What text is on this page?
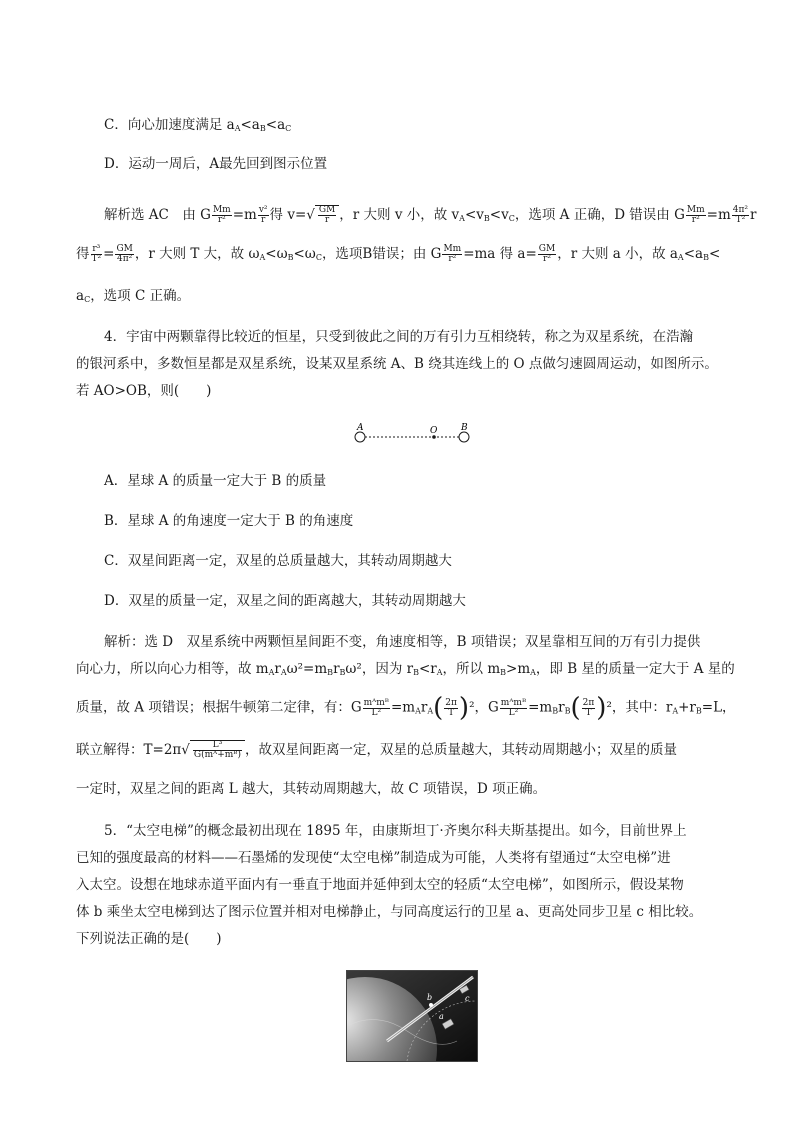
C．向心加速度满足 $a_A<a_B<a_C$
D．运动一周后，A最先回到图示位置
解析选 AC　由 G $\frac{Mm}{\text{r²}} =m \frac{\text{v²}}{r}$ 得 $v=√ \frac{GM}{r}$ ，r 大则 v 小，故 $v_A<v_B<v_C$，选项 A 正确，D 错误由 G $\frac{Mm}{\text{r²}} =m \frac{\text{4π²}}{\text{T²}}$ r
得 $\frac{\text{r³}}{\text{T²}} = \frac{GM}{\text{4π²}}$ ，r 大则 T 大，故 $\omega_A<\omega_B<\omega_C$，选项B错误；由 G $\frac{Mm}{\text{r²}} =ma$ 得 $a= \frac{GM}{\text{r²}}$ ，r 大则 a 小，故 $a_A<a_B<$
$a_C$，选项 C 正确。
4．宇宙中两颗靠得比较近的恒星，只受到彼此之间的万有引力互相绕转，称之为双星系统，在浩瀚
的银河系中，多数恒星都是双星系统，设某双星系统 A、B 绕其连线上的 O 点做匀速圆周运动，如图所示。
若 AO>OB，则(　　)
A	O	B
A．星球 A 的质量一定大于 B 的质量
B．星球 A 的角速度一定大于 B 的角速度
C．双星间距离一定，双星的总质量越大，其转动周期越大
D．双星的质量一定，双星之间的距离越大，其转动周期越大
解析：选 D　双星系统中两颗恒星间距不变，角速度相等，B 项错误；双星靠相互间的万有引力提供
向心力，所以向心力相等，故 $m_Ar_A\omega^2=m_Br_B\omega^2$，因为 $r_B<r_A$，所以 $m_B>m_A$，即 B 星的质量一定大于 A 星的
质量，故 A 项错误；根据牛顿第二定律，有：G $\frac{\text{mᴬmᴮ}}{\text{L²}} =m_Ar_A( \frac{2\pi}{T} )^2$，G $\frac{\text{mᴬmᴮ}}{\text{L²}} =m_Br_B( \frac{2\pi}{T} )^2$，其中：$r_A+r_B=L$，
联立解得：$T=2\pi√ \frac{\text{L³}}{\text{G(mᴬ+mᴮ)}}$ ，故双星间距离一定，双星的总质量越大，其转动周期越小；双星的质量
一定时，双星之间的距离 L 越大，其转动周期越大，故 C 项错误，D 项正确。
5．“太空电梯”的概念最初出现在 1895 年，由康斯坦丁·齐奥尔科夫斯基提出。如今，目前世界上
已知的强度最高的材料——石墨烯的发现使“太空电梯”制造成为可能，人类将有望通过“太空电梯”进
入太空。设想在地球赤道平面内有一垂直于地面并延伸到太空的轻质“太空电梯”，如图所示，假设某物
体 b 乘坐太空电梯到达了图示位置并相对电梯静止，与同高度运行的卫星 a、更高处同步卫星 c 相比较。
下列说法正确的是(　　)
b
a
c
